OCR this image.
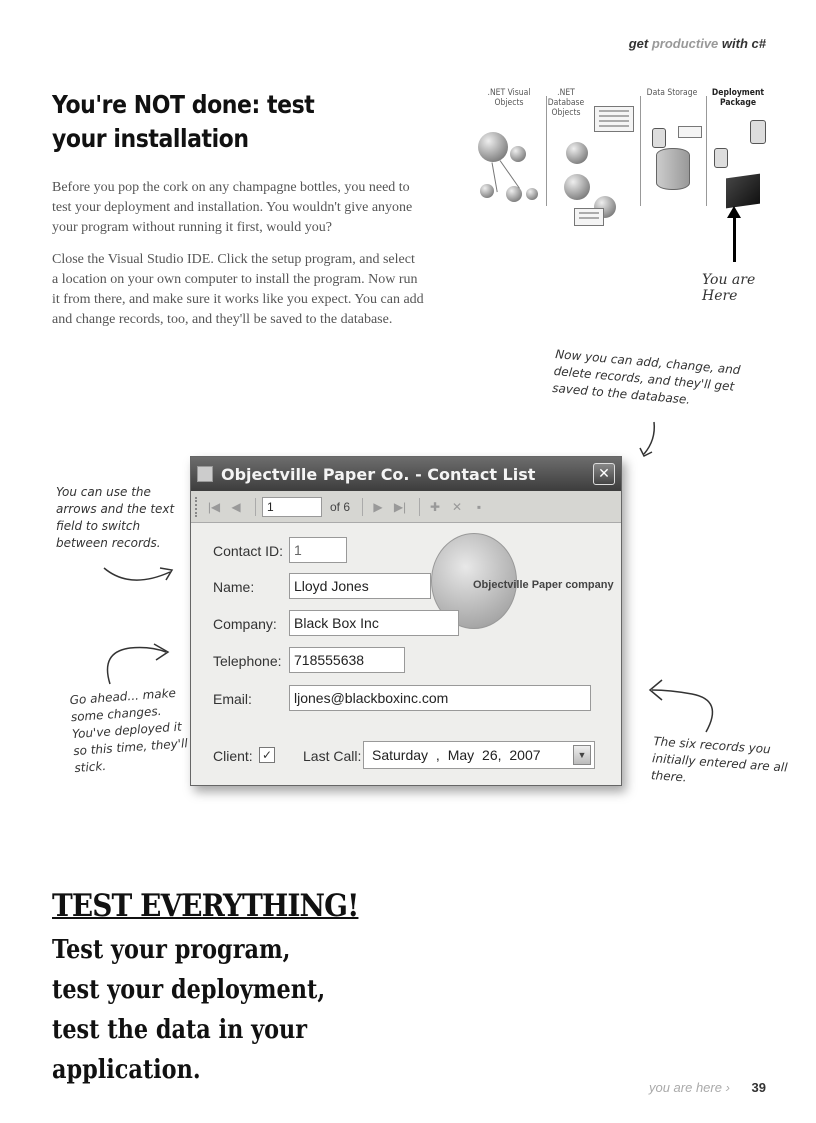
get productive with c#
You're NOT done: test
your installation

Before you pop the cork on any champagne bottles, you need to test your deployment and installation. You wouldn't give anyone your program without running it first, would you?

Close the Visual Studio IDE. Click the setup program, and select a location on your own computer to install the program. Now run it from there, and make sure it works like you expect. You can add and change records, too, and they'll be saved to the database.

.NET Visual Objects
.NET Database Objects
Data Storage Deployment Package
You are Here
Now you can add, change, and delete records, and they'll get saved to the database.
You can use the arrows and the text field to switch between records.
Go ahead... make some changes. You've deployed it so this time, they'll stick.
The six records you initially entered are all there.
Objectville Paper Co. - Contact List	✕
|◀ ◀	1	of 6	▶ ▶|	✚ ✕	▪
Objectville Paper company
Contact ID: 1
Name:	Lloyd Jones
Company:	Black Box Inc
Telephone: 718555638
Email:	ljones@blackboxinc.com
Client: ✓ Last Call: Saturday , May 26, 2007	▼
TEST EVERYTHING!
Test your program, test your deployment, test the data in your application.
you are here › 39
